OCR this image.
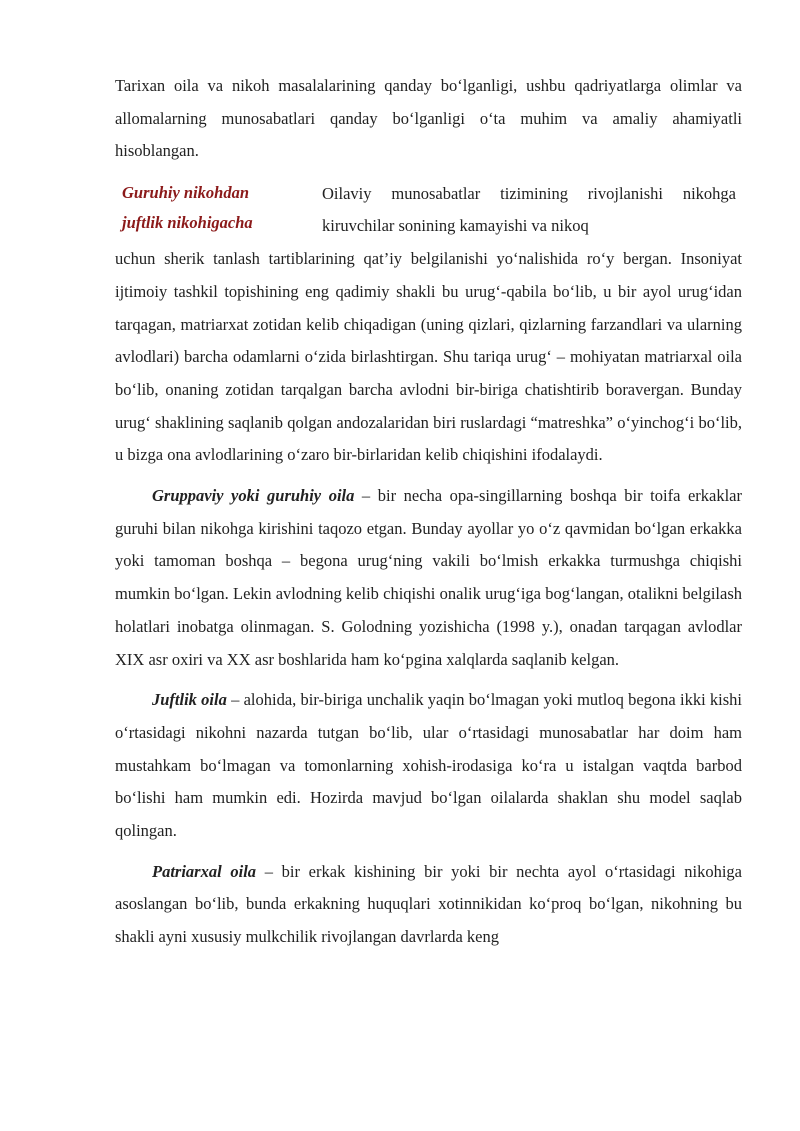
Tarixan oila va nikoh masalalarining qanday bo‘lganligi, ushbu qadriyatlarga olimlar va allomalarning munosabatlari qanday bo‘lganligi o‘ta muhim va amaliy ahamiyatli hisoblangan.

Guruhiy nikohdan
juftlik nikohigacha

Oilaviy munosabatlar tizimining rivojlanishi nikohga kiruvchilar sonining kamayishi va nikoq

uchun sherik tanlash tartiblarining qat’iy belgilanishi yo‘nalishida ro‘y bergan. Insoniyat ijtimoiy tashkil topishining eng qadimiy shakli bu urug‘-qabila bo‘lib, u bir ayol urug‘idan tarqagan, matriarxat zotidan kelib chiqadigan (uning qizlari, qizlarning farzandlari va ularning avlodlari) barcha odamlarni o‘zida birlashtirgan. Shu tariqa urug‘ – mohiyatan matriarxal oila bo‘lib, onaning zotidan tarqalgan barcha avlodni bir-biriga chatishtirib boravergan. Bunday urug‘ shaklining saqlanib qolgan andozalaridan biri ruslardagi “matreshka” o‘yinchog‘i bo‘lib, u bizga ona avlodlarining o‘zaro bir-birlaridan kelib chiqishini ifodalaydi.

Gruppaviy yoki guruhiy oila – bir necha opa-singillarning boshqa bir toifa erkaklar guruhi bilan nikohga kirishini taqozo etgan. Bunday ayollar yo o‘z qavmidan bo‘lgan erkakka yoki tamoman boshqa – begona urug‘ning vakili bo‘lmish erkakka turmushga chiqishi mumkin bo‘lgan. Lekin avlodning kelib chiqishi onalik urug‘iga bog‘langan, otalikni belgilash holatlari inobatga olinmagan. S. Golodning yozishicha (1998 y.), onadan tarqagan avlodlar XIX asr oxiri va XX asr boshlarida ham ko‘pgina xalqlarda saqlanib kelgan.

Juftlik oila – alohida, bir-biriga unchalik yaqin bo‘lmagan yoki mutloq begona ikki kishi o‘rtasidagi nikohni nazarda tutgan bo‘lib, ular o‘rtasidagi munosabatlar har doim ham mustahkam bo‘lmagan va tomonlarning xohish-irodasiga ko‘ra u istalgan vaqtda barbod bo‘lishi ham mumkin edi. Hozirda mavjud bo‘lgan oilalarda shaklan shu model saqlab qolingan.

Patriarxal oila – bir erkak kishining bir yoki bir nechta ayol o‘rtasidagi nikohiga asoslangan bo‘lib, bunda erkakning huquqlari xotinnikidan ko‘proq bo‘lgan, nikohning bu shakli ayni xususiy mulkchilik rivojlangan davrlarda keng
